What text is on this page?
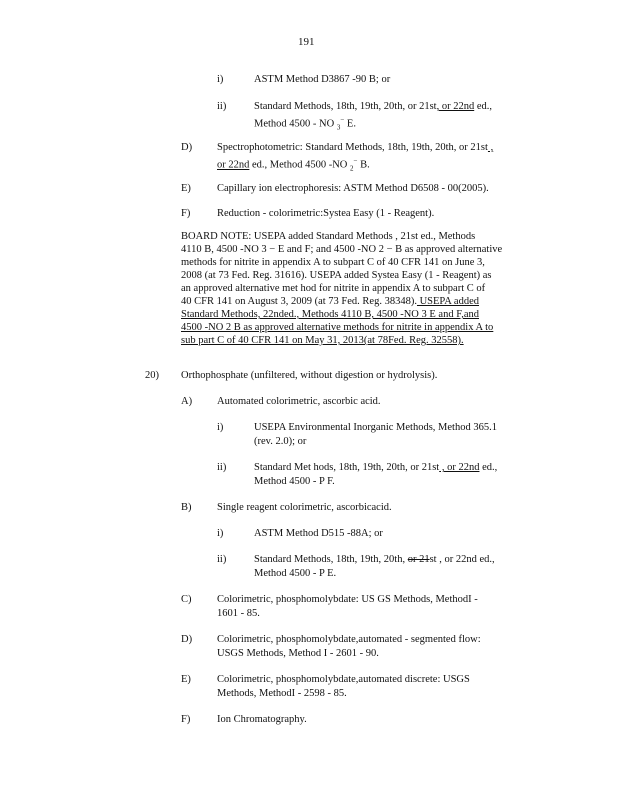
191
i)	ASTM Method D3867 -90 B; or
ii)	Standard Methods, 18th, 19th, 20th, or 21st, or 22nd ed.,
Method 4500 - NO $_3$− E.
D) Spectrophotometric: Standard Methods, 18th, 19th, 20th, or 21st ,
or 22nd ed., Method 4500 -NO $_2$− B.
E) Capillary ion electrophoresis: ASTM Method D6508 - 00(2005).
F)	Reduction - colorimetric:Systea Easy (1 - Reagent).
BOARD NOTE: USEPA added Standard Methods , 21st ed., Methods
4110 B, 4500 -NO 3 − E and F; and 4500 -NO 2 − B as approved alternative
methods for nitrite in appendix A to subpart C of 40 CFR 141 on June 3,
2008 (at 73 Fed. Reg. 31616). USEPA added Systea Easy (1 - Reagent) as
an approved alternative met hod for nitrite in appendix A to subpart C of
40 CFR 141 on August 3, 2009 (at 73 Fed. Reg. 38348). USEPA added
Standard Methods, 22nded., Methods 4110 B, 4500 -NO 3 E and F,and
4500 -NO 2 B as approved alternative methods for nitrite in appendix A to
sub part C of 40 CFR 141 on May 31, 2013(at 78Fed. Reg. 32558).
20) Orthophosphate (unfiltered, without digestion or hydrolysis).
A) Automated colorimetric, ascorbic acid.
i)	USEPA Environmental Inorganic Methods, Method 365.1
(rev. 2.0); or
ii)	Standard Met hods, 18th, 19th, 20th, or 21st , or 22nd ed.,
Method 4500 - P F.
B) Single reagent colorimetric, ascorbicacid.
i)	ASTM Method D515 -88A; or
ii)	Standard Methods, 18th, 19th, 20th, or 21st , or 22nd ed.,
Method 4500 - P E.
C) Colorimetric, phosphomolybdate: US GS Methods, MethodI -
1601 - 85.
D) Colorimetric, phosphomolybdate,automated - segmented flow:
USGS Methods, Method I - 2601 - 90.
E) Colorimetric, phosphomolybdate,automated discrete: USGS
Methods, MethodI - 2598 - 85.
F)	Ion Chromatography.
